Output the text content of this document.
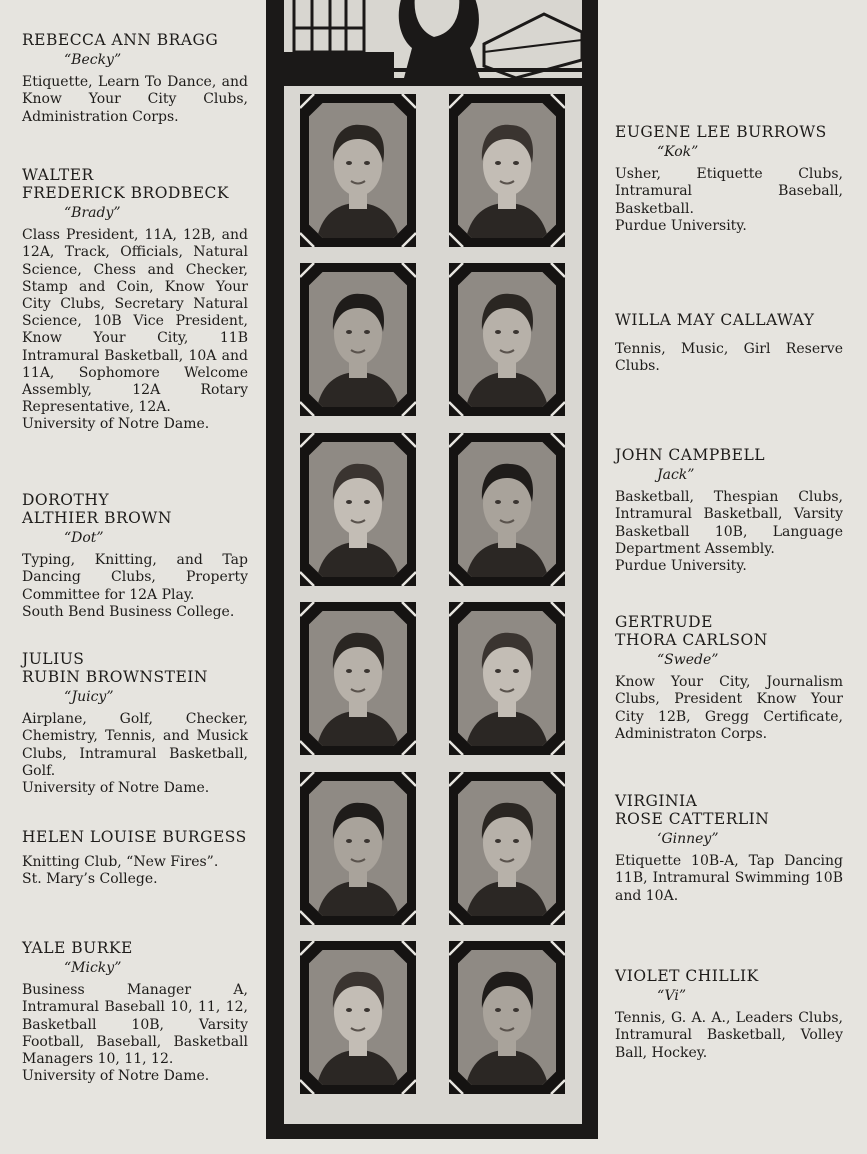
REBECCA ANN BRAGG
“Becky”
Etiquette, Learn To Dance, and Know Your City Clubs, Administration Corps.
WALTER
FREDERICK BRODBECK
“Brady”
Class President, 11A, 12B, and 12A, Track, Officials, Natural Science, Chess and Checker, Stamp and Coin, Know Your City Clubs, Secretary Natural Science, 10B Vice President, Know Your City, 11B Intramural Basketball, 10A and 11A, Sophomore Welcome Assembly, 12A Rotary Representative, 12A.
University of Notre Dame.
DOROTHY
ALTHIER BROWN
“Dot”
Typing, Knitting, and Tap Dancing Clubs, Property Committee for 12A Play.
South Bend Business College.
JULIUS
RUBIN BROWNSTEIN
“Juicy”
Airplane, Golf, Checker, Chemistry, Tennis, and Musick Clubs, Intramural Basketball, Golf.
University of Notre Dame.
HELEN LOUISE BURGESS
Knitting Club, “New Fires”.
St. Mary’s College.
YALE BURKE
“Micky”
Business Manager A, Intramural Baseball 10, 11, 12, Basketball 10B, Varsity Football, Baseball, Basketball Managers 10, 11, 12.
University of Notre Dame.
EUGENE LEE BURROWS
“Kok”
Usher, Etiquette Clubs, Intramural Baseball, Basketball.
Purdue University.
WILLA MAY CALLAWAY
Tennis, Music, Girl Reserve Clubs.
JOHN CAMPBELL
Jack”
Basketball, Thespian Clubs, Intramural Basketball, Varsity Basketball 10B, Language Department Assembly.
Purdue University.
GERTRUDE
THORA CARLSON
“Swede”
Know Your City, Journalism Clubs, President Know Your City 12B, Gregg Certificate, Administraton Corps.
VIRGINIA
ROSE CATTERLIN
‘Ginney”
Etiquette 10B-A, Tap Dancing 11B, Intramural Swimming 10B and 10A.
VIOLET CHILLIK
“Vi”
Tennis, G. A. A., Leaders Clubs, Intramural Basketball, Volley Ball, Hockey.
